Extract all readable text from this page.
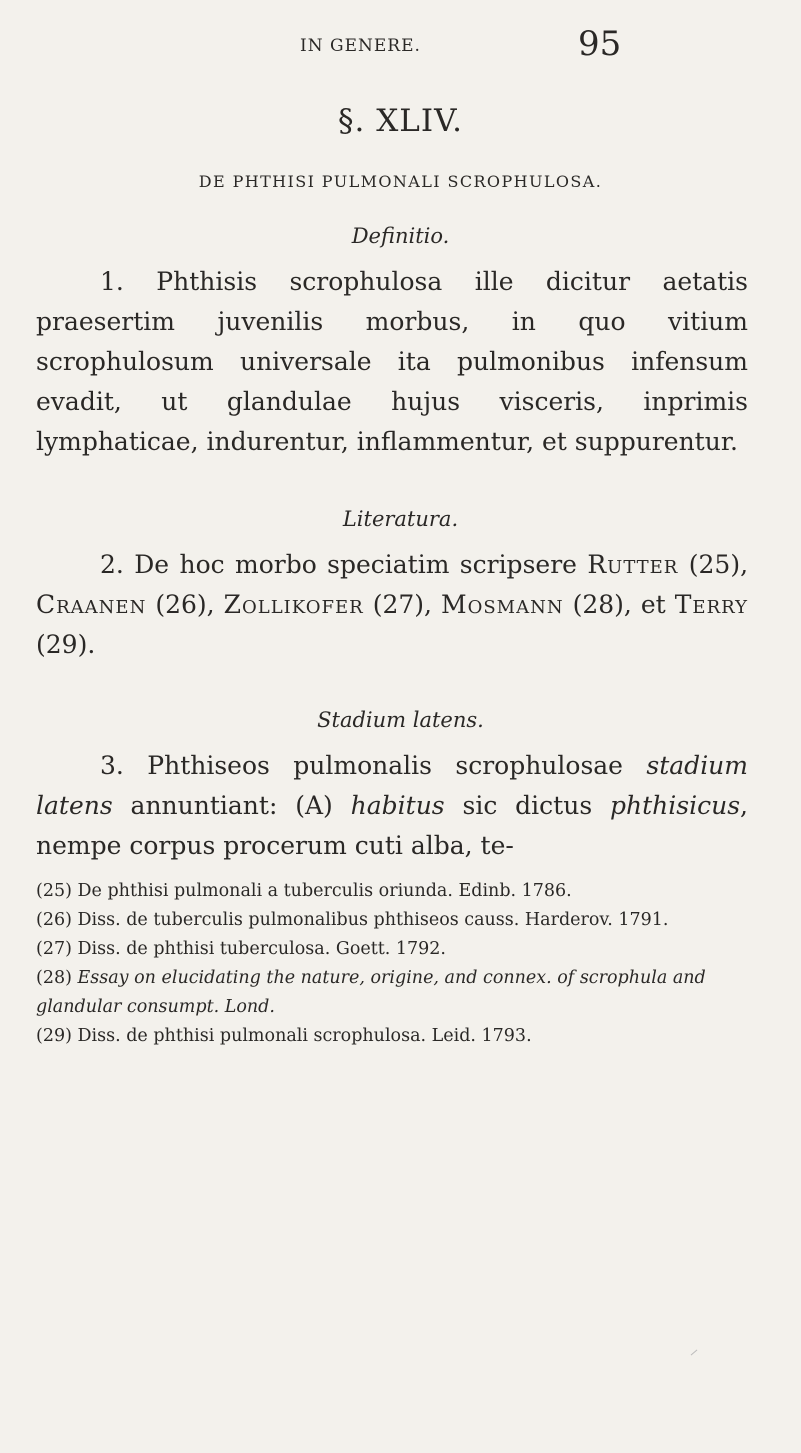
IN GENERE.	95
§. XLIV.
DE PHTHISI PULMONALI SCROPHULOSA.
Definitio.

1. Phthisis scrophulosa ille dicitur aetatis praesertim juvenilis morbus, in quo vitium scrophulosum universale ita pulmonibus infensum evadit, ut glandulae hujus visceris, inprimis lymphaticae, indurentur, inflammentur, et suppurentur.

Literatura.

2. De hoc morbo speciatim scripsere Rutter (25), Craanen (26), Zollikofer (27), Mosmann (28), et Terry (29).

Stadium latens.

3. Phthiseos pulmonalis scrophulosae stadium latens annuntiant: (A) habitus sic dictus phthisicus, nempe corpus procerum cuti alba, te-

(25) De phthisi pulmonali a tuberculis oriunda. Edinb. 1786.

(26) Diss. de tuberculis pulmonalibus phthiseos causs. Harderov. 1791.

(27) Diss. de phthisi tuberculosa. Goett. 1792.

(28) Essay on elucidating the nature, origine, and connex. of scrophula and glandular consumpt. Lond.

(29) Diss. de phthisi pulmonali scrophulosa. Leid. 1793.
